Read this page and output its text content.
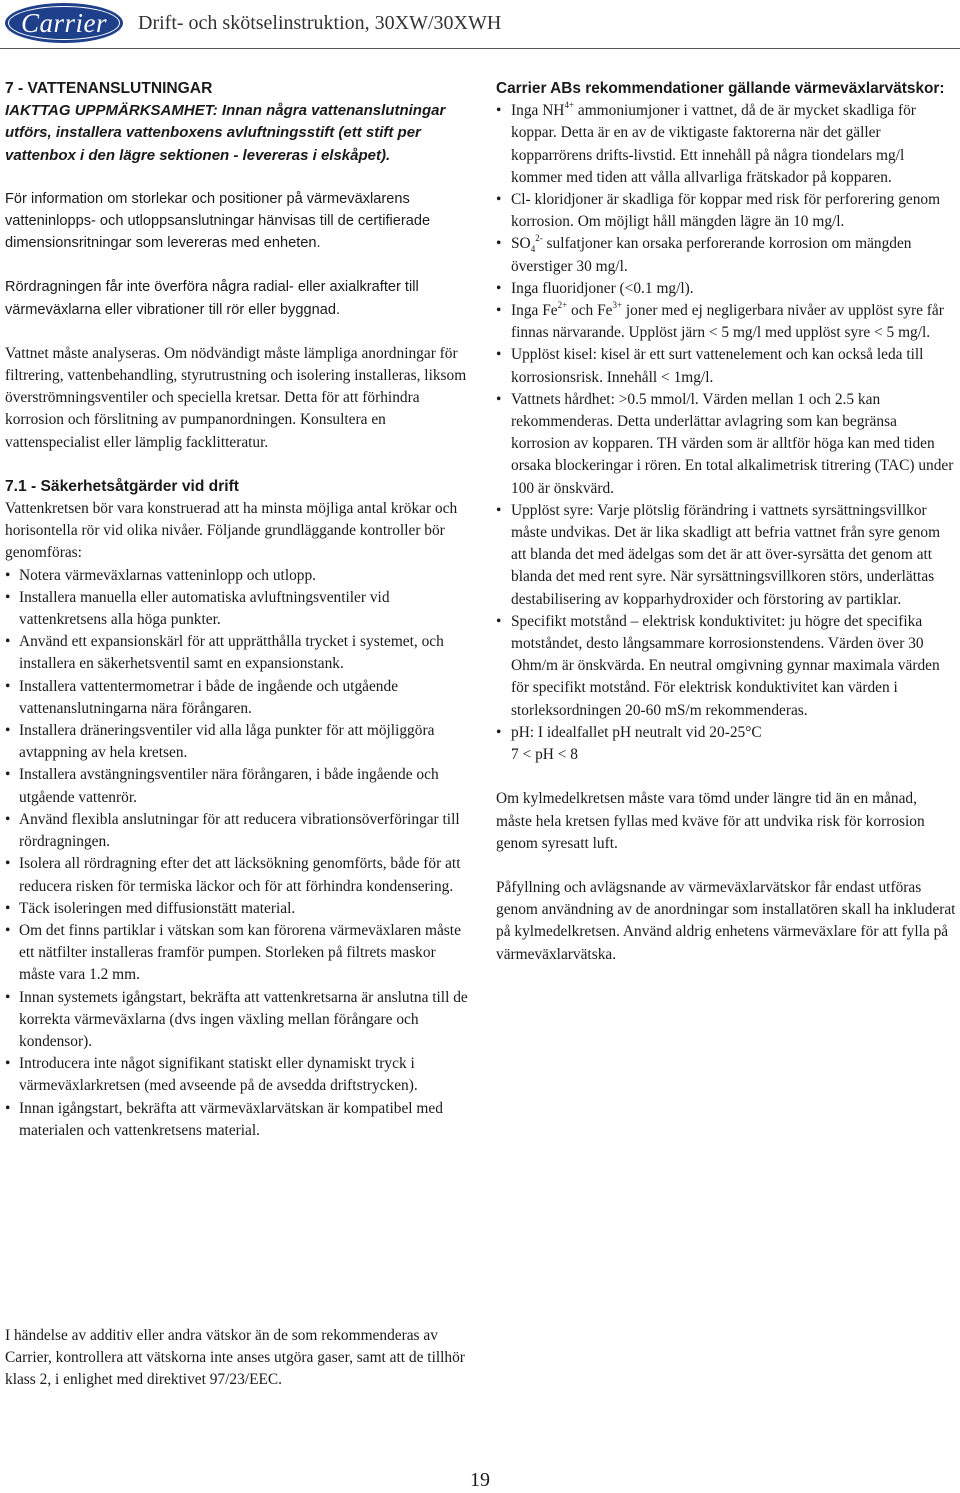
Carrier Drift- och skötselinstruktion, 30XW/30XWH

7 - VATTENANSLUTNINGAR

IAKTTAG UPPMÄRKSAMHET: Innan några vattenanslutningar utförs, installera vattenboxens avluftningsstift (ett stift per vattenbox i den lägre sektionen - levereras i elskåpet).

För information om storlekar och positioner på värmeväxlarens vatteninlopps- och utloppsanslutningar hänvisas till de certifierade dimensionsritningar som levereras med enheten.

Rördragningen får inte överföra några radial- eller axialkrafter till värmeväxlarna eller vibrationer till rör eller byggnad.

Vattnet måste analyseras. Om nödvändigt måste lämpliga anordningar för filtrering, vattenbehandling, styrutrustning och isolering installeras, liksom överströmningsventiler och speciella kretsar. Detta för att förhindra korrosion och förslitning av pumpanordningen. Konsultera en vattenspecialist eller lämplig facklitteratur.

7.1 - Säkerhetsåtgärder vid drift

Vattenkretsen bör vara konstruerad att ha minsta möjliga antal krökar och horisontella rör vid olika nivåer. Följande grundläggande kontroller bör genomföras:

• Notera värmeväxlarnas vatteninlopp och utlopp.
• Installera manuella eller automatiska avluftningsventiler vid vattenkretsens alla höga punkter.
• Använd ett expansionskärl för att upprätthålla trycket i systemet, och installera en säkerhetsventil samt en expansionstank.
• Installera vattentermometrar i både de ingående och utgående vattenanslutningarna nära förångaren.
• Installera dräneringsventiler vid alla låga punkter för att möjliggöra avtappning av hela kretsen.
• Installera avstängningsventiler nära förångaren, i både ingående och utgående vattenrör.
• Använd flexibla anslutningar för att reducera vibrationsöverföringar till rördragningen.
• Isolera all rördragning efter det att läcksökning genomförts, både för att reducera risken för termiska läckor och för att förhindra kondensering.
• Täck isoleringen med diffusionstätt material.
• Om det finns partiklar i vätskan som kan förorena värmeväxlaren måste ett nätfilter installeras framför pumpen. Storleken på filtrets maskor måste vara 1.2 mm.
• Innan systemets igångstart, bekräfta att vattenkretsarna är anslutna till de korrekta värmeväxlarna (dvs ingen växling mellan förångare och kondensor).
• Introducera inte något signifikant statiskt eller dynamiskt tryck i värmeväxlarkretsen (med avseende på de avsedda driftstrycken).
• Innan igångstart, bekräfta att värmeväxlarvätskan är kompatibel med materialen och vattenkretsens material.
I händelse av additiv eller andra vätskor än de som rekommenderas av Carrier, kontrollera att vätskorna inte anses utgöra gaser, samt att de tillhör klass 2, i enlighet med direktivet 97/23/EEC.

Carrier ABs rekommendationer gällande värmeväxlarvätskor:

• Inga $NH^{4+}$ ammoniumjoner i vattnet, då de är mycket skadliga för koppar. Detta är en av de viktigaste faktorerna när det gäller kopparrörens drifts-livstid. Ett innehåll på några tiondelars mg/l kommer med tiden att vålla allvarliga frätskador på kopparen.
• Cl- kloridjoner är skadliga för koppar med risk för perforering genom korrosion. Om möjligt håll mängden lägre än 10 mg/l.
• $SO_4^{2-}$ sulfatjoner kan orsaka perforerande korrosion om mängden överstiger 30 mg/l.
• Inga fluoridjoner (<0.1 mg/l).
• Inga $Fe^{2+}$ och $Fe^{3+}$ joner med ej negligerbara nivåer av upplöst syre får finnas närvarande. Upplöst järn < 5 mg/l med upplöst syre < 5 mg/l.
• Upplöst kisel: kisel är ett surt vattenelement och kan också leda till korrosionsrisk. Innehåll < 1mg/l.
• Vattnets hårdhet: >0.5 mmol/l. Värden mellan 1 och 2.5 kan rekommenderas. Detta underlättar avlagring som kan begränsa korrosion av kopparen. TH värden som är alltför höga kan med tiden orsaka blockeringar i rören. En total alkalimetrisk titrering (TAC) under 100 är önskvärd.
• Upplöst syre: Varje plötslig förändring i vattnets syrsättningsvillkor måste undvikas. Det är lika skadligt att befria vattnet från syre genom att blanda det med ädelgas som det är att över-syrsätta det genom att blanda det med rent syre. När syrsättningsvillkoren störs, underlättas destabilisering av kopparhydroxider och förstoring av partiklar.
• Specifikt motstånd – elektrisk konduktivitet: ju högre det specifika motståndet, desto långsammare korrosionstendens. Värden över 30 Ohm/m är önskvärda. En neutral omgivning gynnar maximala värden för specifikt motstånd. För elektrisk konduktivitet kan värden i storleksordningen 20-60 mS/m rekommenderas.
• pH: I idealfallet pH neutralt vid 20-25°C
7 < pH < 8

Om kylmedelkretsen måste vara tömd under längre tid än en månad, måste hela kretsen fyllas med kväve för att undvika risk för korrosion genom syresatt luft.

Påfyllning och avlägsnande av värmeväxlarvätskor får endast utföras genom användning av de anordningar som installatören skall ha inkluderat på kylmedelkretsen. Använd aldrig enhetens värmeväxlare för att fylla på värmeväxlarvätska.

19
